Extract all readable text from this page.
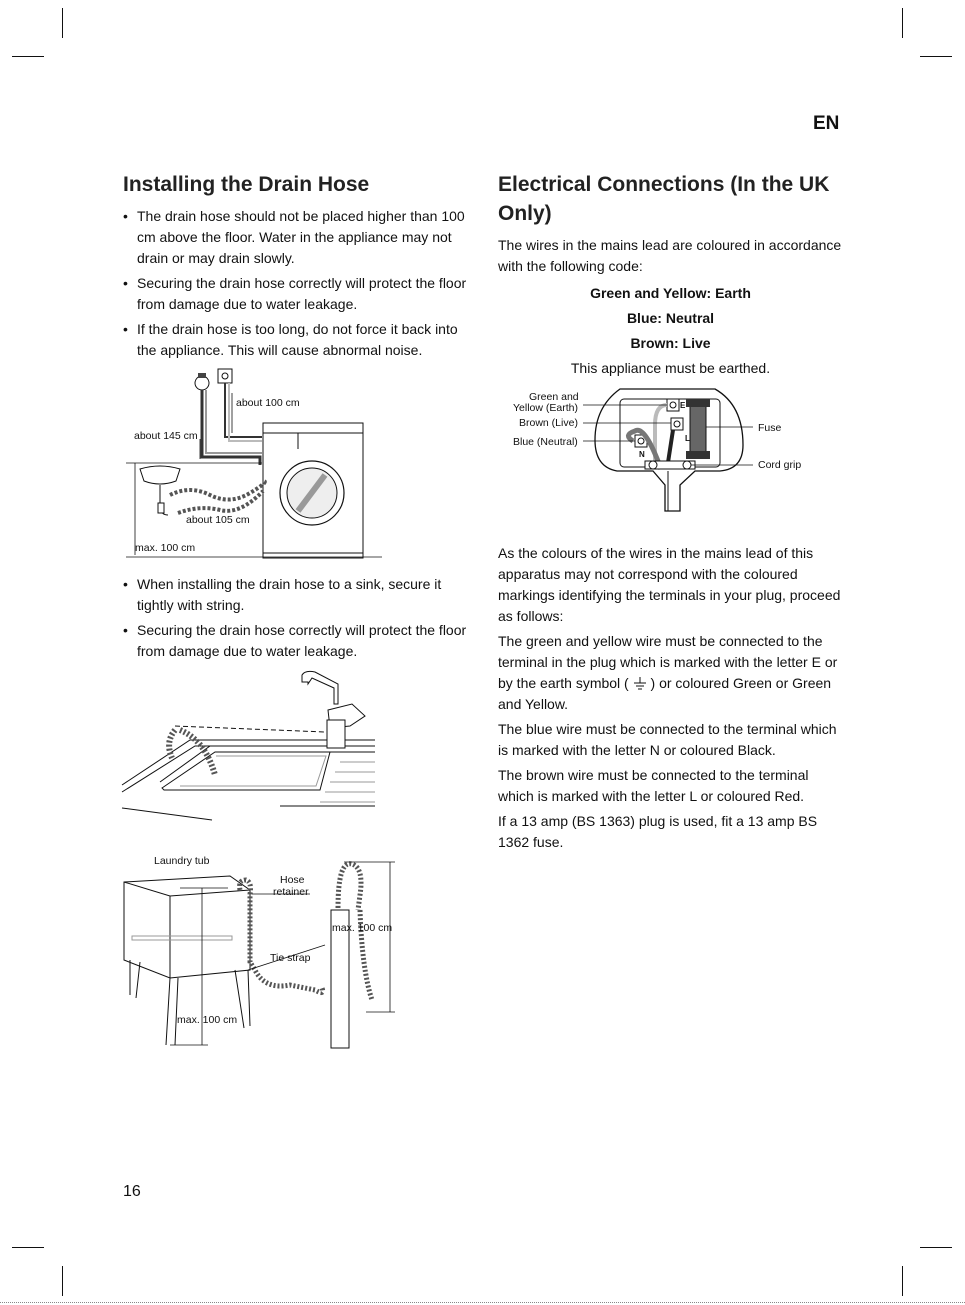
EN
Installing the Drain Hose
• The drain hose should not be placed higher than 100 cm above the floor. Water in the appliance may not drain or may drain slowly.
• Securing the drain hose correctly will protect the floor from damage due to water leakage.
• If the drain hose is too long, do not force it back into the appliance. This will cause abnormal noise.
about 100 cm
about 145 cm
about 105 cm
max. 100 cm
• When installing the drain hose to a sink, secure it tightly with string.
• Securing the drain hose correctly will protect the floor from damage due to water leakage.
Laundry tub
Hose
retainer
Tie strap
max. 100 cm
max. 100 cm
Electrical Connections (In the UK
Only)

The wires in the mains lead are coloured in accordance with the following code:

Green and Yellow: Earth
Blue: Neutral
Brown: Live
This appliance must be earthed.
Green and
Yellow (Earth)
Brown (Live)
Blue (Neutral)
Fuse
Cord grip
E
L
N

As the colours of the wires in the mains lead of this apparatus may not correspond with the coloured markings identifying the terminals in your plug, proceed as follows:

The green and yellow wire must be connected to the terminal in the plug which is marked with the letter E or by the earth symbol ( ) or coloured Green or Green and Yellow.

The blue wire must be connected to the terminal which is marked with the letter N or coloured Black.

The brown wire must be connected to the terminal which is marked with the letter L or coloured Red.

If a 13 amp (BS 1363) plug is used, fit a 13 amp BS 1362 fuse.

16
